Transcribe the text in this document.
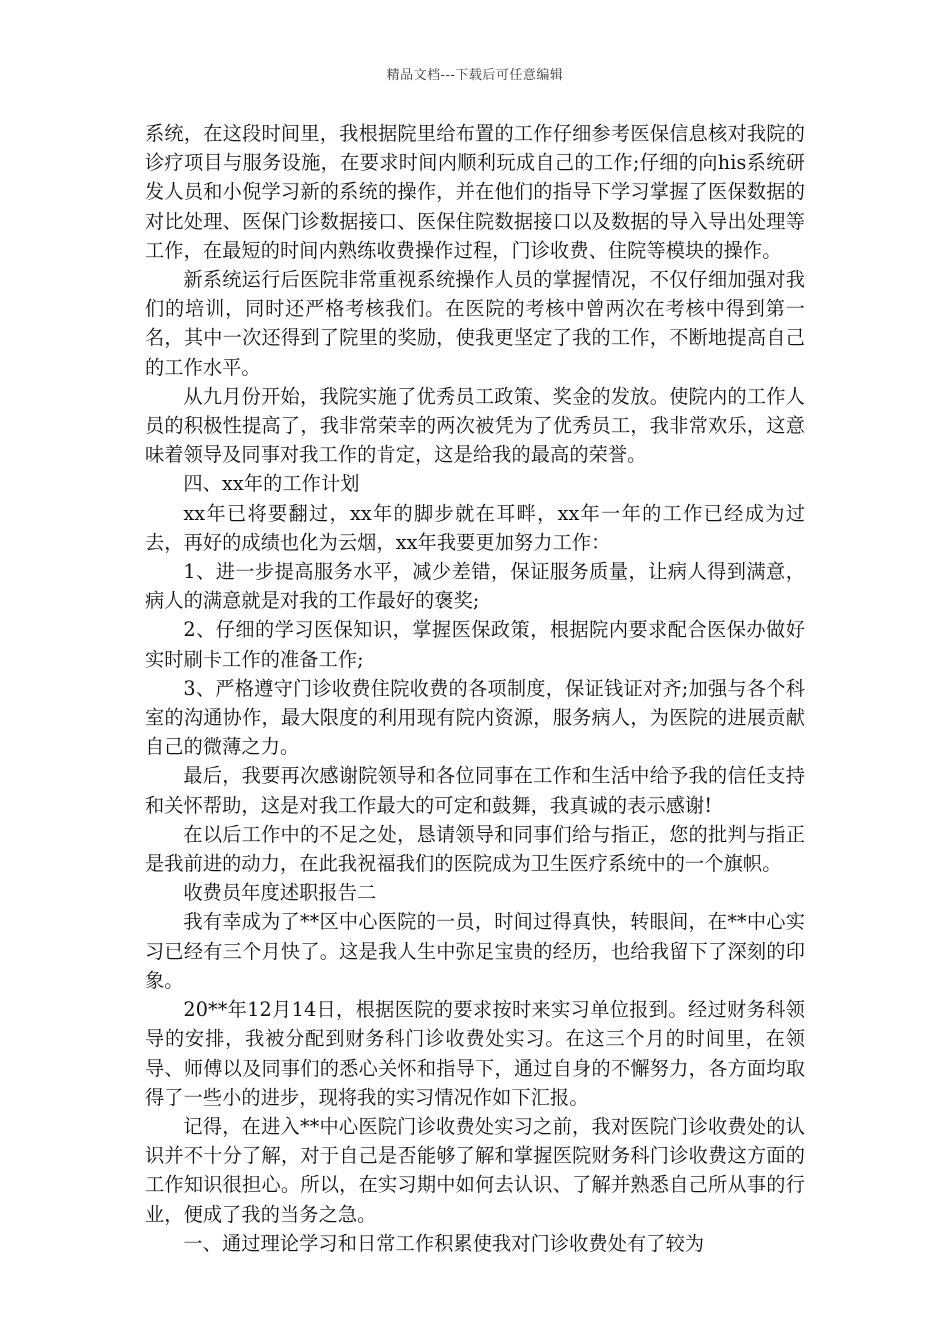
精品文档---下载后可任意编辑

系统，在这段时间里，我根据院里给布置的工作仔细参考医保信息核对我院的诊疗项目与服务设施，在要求时间内顺利玩成自己的工作;仔细的向his系统研发人员和小倪学习新的系统的操作，并在他们的指导下学习掌握了医保数据的对比处理、医保门诊数据接口、医保住院数据接口以及数据的导入导出处理等工作，在最短的时间内熟练收费操作过程，门诊收费、住院等模块的操作。

新系统运行后医院非常重视系统操作人员的掌握情况，不仅仔细加强对我们的培训，同时还严格考核我们。在医院的考核中曾两次在考核中得到第一名，其中一次还得到了院里的奖励，使我更坚定了我的工作，不断地提高自己的工作水平。

从九月份开始，我院实施了优秀员工政策、奖金的发放。使院内的工作人员的积极性提高了，我非常荣幸的两次被凭为了优秀员工，我非常欢乐，这意味着领导及同事对我工作的肯定，这是给我的最高的荣誉。

四、xx年的工作计划

xx年已将要翻过，xx年的脚步就在耳畔，xx年一年的工作已经成为过去，再好的成绩也化为云烟，xx年我要更加努力工作：

1、进一步提高服务水平，减少差错，保证服务质量，让病人得到满意，病人的满意就是对我的工作最好的褒奖;

2、仔细的学习医保知识，掌握医保政策，根据院内要求配合医保办做好实时刷卡工作的准备工作;

3、严格遵守门诊收费住院收费的各项制度，保证钱证对齐;加强与各个科室的沟通协作，最大限度的利用现有院内资源，服务病人，为医院的进展贡献自己的微薄之力。

最后，我要再次感谢院领导和各位同事在工作和生活中给予我的信任支持和关怀帮助，这是对我工作最大的可定和鼓舞，我真诚的表示感谢!

在以后工作中的不足之处，恳请领导和同事们给与指正，您的批判与指正是我前进的动力，在此我祝福我们的医院成为卫生医疗系统中的一个旗帜。

收费员年度述职报告二

我有幸成为了**区中心医院的一员，时间过得真快，转眼间，在**中心实习已经有三个月快了。这是我人生中弥足宝贵的经历，也给我留下了深刻的印象。

20**年12月14日，根据医院的要求按时来实习单位报到。经过财务科领导的安排，我被分配到财务科门诊收费处实习。在这三个月的时间里，在领导、师傅以及同事们的悉心关怀和指导下，通过自身的不懈努力，各方面均取得了一些小的进步，现将我的实习情况作如下汇报。

记得，在进入**中心医院门诊收费处实习之前，我对医院门诊收费处的认识并不十分了解，对于自己是否能够了解和掌握医院财务科门诊收费这方面的工作知识很担心。所以，在实习期中如何去认识、了解并熟悉自己所从事的行业，便成了我的当务之急。

一、通过理论学习和日常工作积累使我对门诊收费处有了较为
